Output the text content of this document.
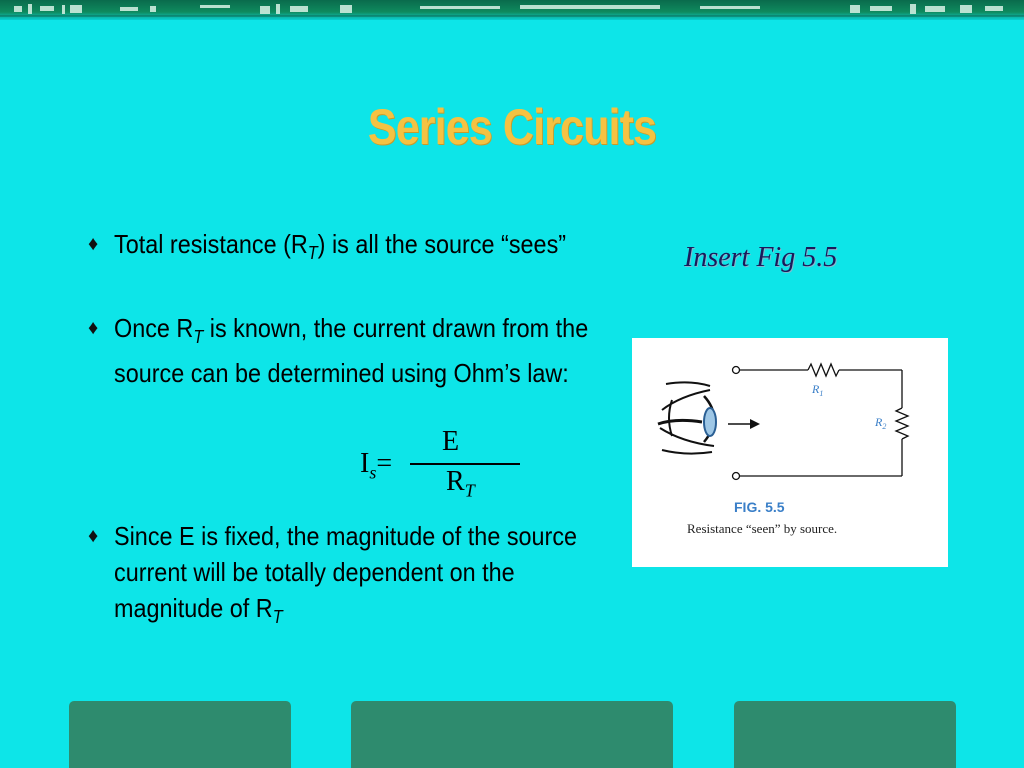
Series Circuits
♦ Total resistance $(R_T)$ is all the source “sees”
♦ Once $R_T$ is known, the current drawn from the source can be determined using Ohm’s law:
♦ Since E is fixed, the magnitude of the source current will be totally dependent on the magnitude of $R_T$
$I_s=$
E
$R_T$
Insert Fig 5.5
$R_1$
$R_2$
FIG. 5.5
Resistance “seen” by source.
